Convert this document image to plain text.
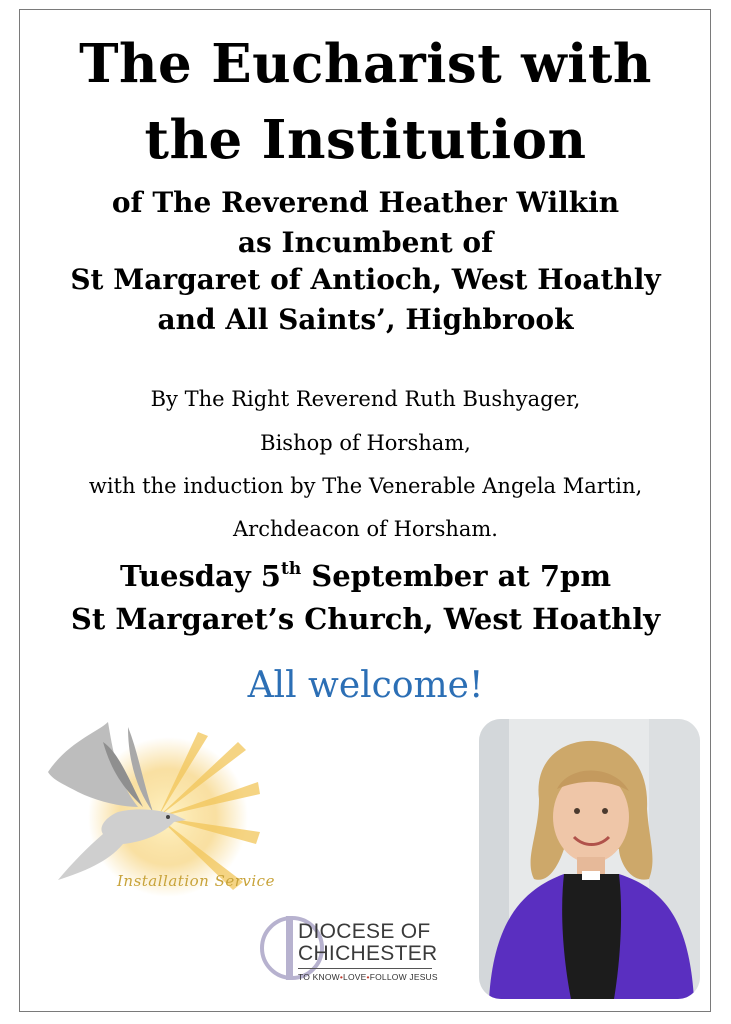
The Eucharist with
the Institution
of The Reverend Heather Wilkin
as Incumbent of
St Margaret of Antioch, West Hoathly
and All Saints’, Highbrook
By The Right Reverend Ruth Bushyager,
Bishop of Horsham,
with the induction by The Venerable Angela Martin,
Archdeacon of Horsham.
Tuesday 5th September at 7pm
St Margaret’s Church, West Hoathly
All welcome!
Installation Service
DIOCESE OF
CHICHESTER
TO KNOW•LOVE•FOLLOW JESUS
